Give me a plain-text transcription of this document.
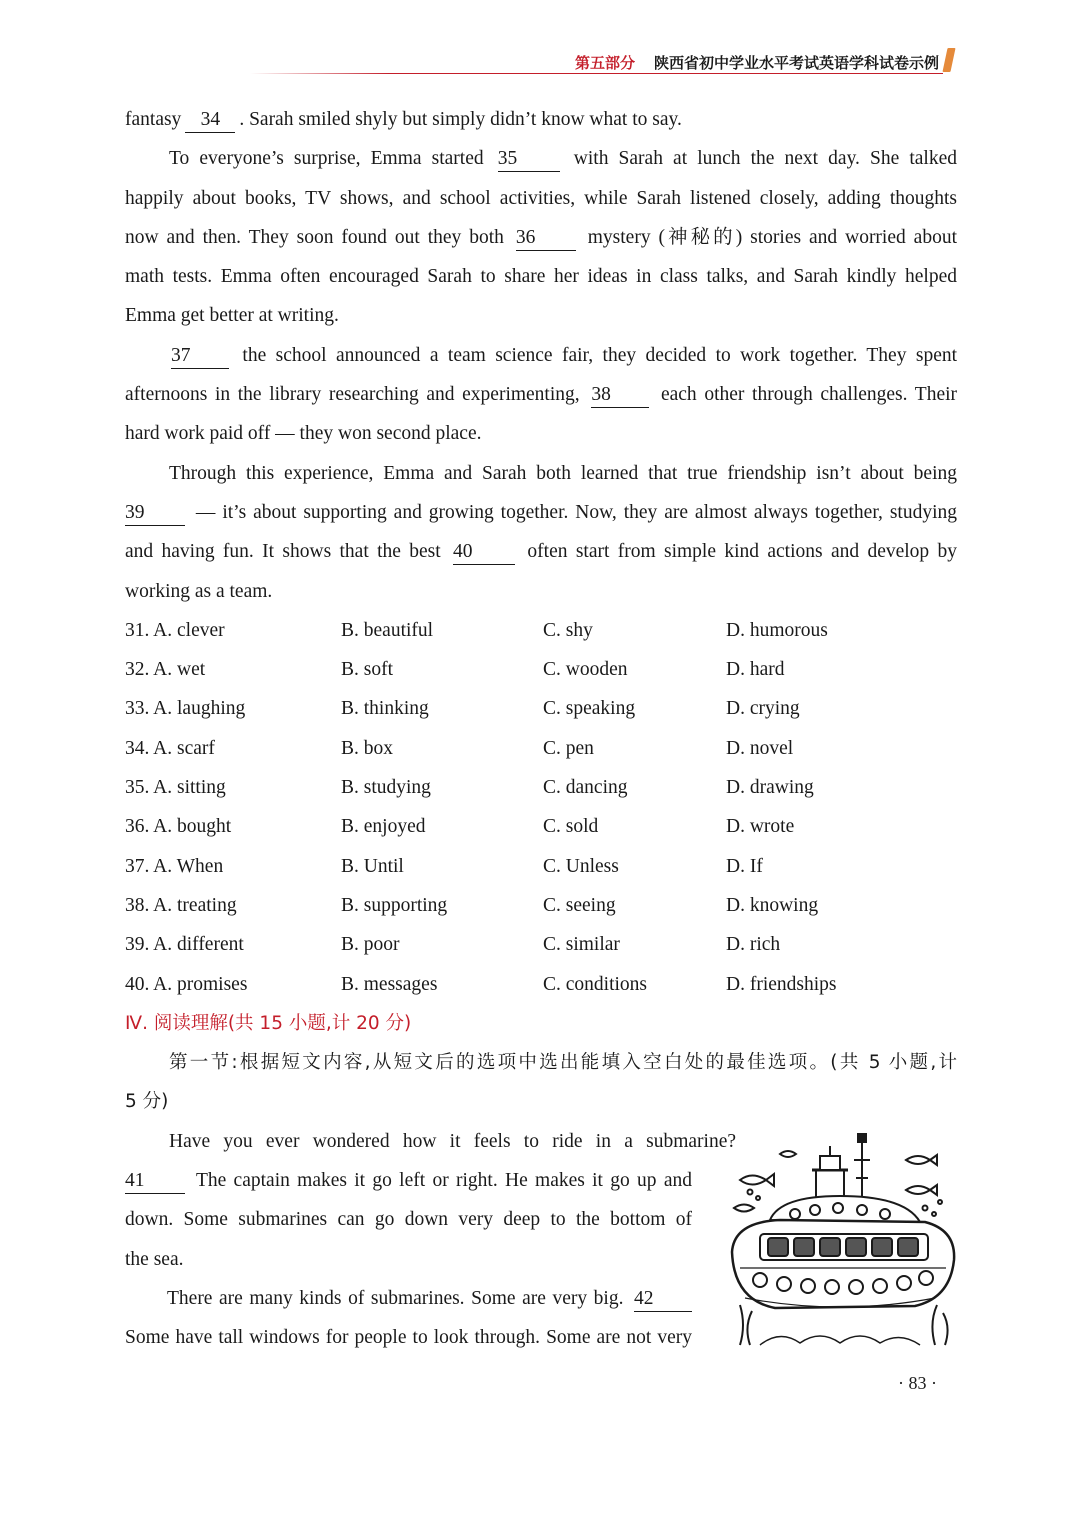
第五部分 陕西省初中学业水平考试英语学科试卷示例
fantasy 34 . Sarah smiled shyly but simply didn’t know what to say.
To everyone’s surprise, Emma started 35	with Sarah at lunch the next day. She talked
happily about books, TV shows, and school activities, while Sarah listened closely, adding thoughts
now and then. They soon found out they both 36	mystery (神秘的) stories and worried about
math tests. Emma often encouraged Sarah to share her ideas in class talks, and Sarah kindly helped
Emma get better at writing.
37	the school announced a team science fair, they decided to work together. They spent
afternoons in the library researching and experimenting, 38	each other through challenges. Their
hard work paid off — they won second place.
Through this experience, Emma and Sarah both learned that true friendship isn’t about being
39	— it’s about supporting and growing together. Now, they are almost always together, studying
and having fun. It shows that the best 40	often start from simple kind actions and develop by
working as a team.
31. A. clever	B. beautiful	C. shy	D. humorous
32. A. wet	B. soft	C. wooden	D. hard
33. A. laughing	B. thinking	C. speaking	D. crying
34. A. scarf	B. box	C. pen	D. novel
35. A. sitting	B. studying	C. dancing	D. drawing
36. A. bought	B. enjoyed	C. sold	D. wrote
37. A. When	B. Until	C. Unless	D. If
38. A. treating	B. supporting	C. seeing	D. knowing
39. A. different	B. poor	C. similar	D. rich
40. A. promises	B. messages	C. conditions	D. friendships
Ⅳ. 阅读理解(共 15 小题,计 20 分)
第一节:根据短文内容,从短文后的选项中选出能填入空白处的最佳选项。(共 5 小题,计
5 分)
Have you ever wondered how it feels to ride in a submarine?
41	The captain makes it go left or right. He makes it go up and
down. Some submarines can go down very deep to the bottom of
the sea.
There are many kinds of submarines. Some are very big. 42
Some have tall windows for people to look through. Some are not very
· 83 ·
